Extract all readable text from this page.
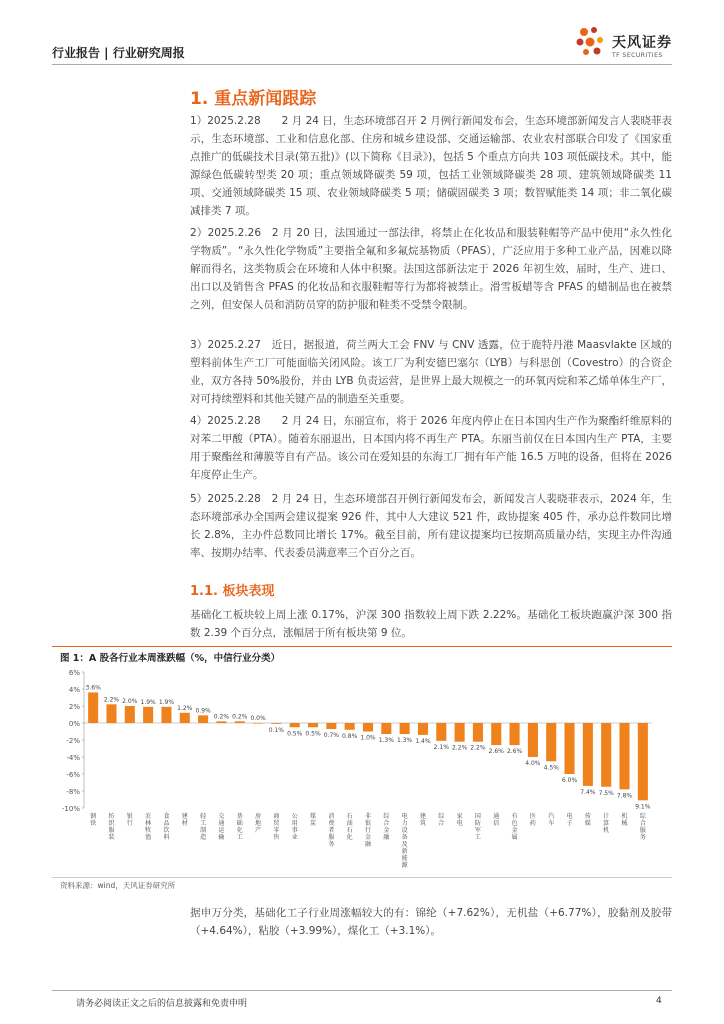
行业报告 | 行业研究周报
天风证券
TF SECURITIES
1. 重点新闻跟踪
1）2025.2.28　　2 月 24 日，生态环境部召开 2 月例行新闻发布会，生态环境部新闻发言人裴晓菲表示，生态环境部、工业和信息化部、住房和城乡建设部、交通运输部、农业农村部联合印发了《国家重点推广的低碳技术目录(第五批)》(以下简称《目录》)，包括 5 个重点方向共 103 项低碳技术。其中，能源绿色低碳转型类 20 项；重点领域降碳类 59 项，包括工业领域降碳类 28 项、建筑领域降碳类 11 项、交通领域降碳类 15 项、农业领域降碳类 5 项；储碳固碳类 3 项；数智赋能类 14 项；非二氧化碳减排类 7 项。
2）2025.2.26　2 月 20 日，法国通过一部法律，将禁止在化妆品和服装鞋帽等产品中使用“永久性化学物质”。“永久性化学物质”主要指全氟和多氟烷基物质（PFAS），广泛应用于多种工业产品，因难以降解而得名，这类物质会在环境和人体中积聚。法国这部新法定于 2026 年初生效，届时，生产、进口、出口以及销售含 PFAS 的化妆品和衣服鞋帽等行为都将被禁止。滑雪板蜡等含 PFAS 的蜡制品也在被禁之列，但安保人员和消防员穿的防护服和鞋类不受禁令限制。
3）2025.2.27　近日，据报道，荷兰两大工会 FNV 与 CNV 透露，位于鹿特丹港 Maasvlakte 区域的塑料前体生产工厂可能面临关闭风险。该工厂为利安德巴塞尔（LYB）与科思创（Covestro）的合资企业，双方各持 50%股份，并由 LYB 负责运营，是世界上最大规模之一的环氧丙烷和苯乙烯单体生产厂，对可持续塑料和其他关键产品的制造至关重要。
4）2025.2.28　　2 月 24 日，东丽宣布，将于 2026 年度内停止在日本国内生产作为聚酯纤维原料的对苯二甲酸（PTA）。随着东丽退出，日本国内将不再生产 PTA。东丽当前仅在日本国内生产 PTA，主要用于聚酯丝和薄膜等自有产品。该公司在爱知县的东海工厂拥有年产能 16.5 万吨的设备，但将在 2026 年度停止生产。
5）2025.2.28　2 月 24 日，生态环境部召开例行新闻发布会，新闻发言人裴晓菲表示，2024 年，生态环境部承办全国两会建议提案 926 件，其中人大建议 521 件，政协提案 405 件，承办总件数同比增长 2.8%，主办件总数同比增长 17%。截至目前，所有建议提案均已按期高质量办结，实现主办件沟通率、按期办结率、代表委员满意率三个百分之百。
1.1. 板块表现
基础化工板块较上周上涨 0.17%，沪深 300 指数较上周下跌 2.22%。基础化工板块跑赢沪深 300 指数 2.39 个百分点，涨幅居于所有板块第 9 位。
图 1：A 股各行业本周涨跌幅（%，中信行业分类）
6%
4%
2%
0%
-2%
-4%
-6%
-8%
-10%
3.6%
钢
铁
2.2%
纺
织
服
装
2.0%
银
行
1.9%
农
林
牧
渔
1.9%
食
品
饮
料
1.2%
建
材
0.9%
轻
工
制
造
0.2%
交
通
运
输
0.2%
基
础
化
工
0.0%
房
地
产
0.1%
商
贸
零
售
0.5%
公
用
事
业
0.5%
煤
炭
0.7%
消
费
者
服
务
0.8%
石
油
石
化
1.0%
非
银
行
金
融
1.3%
综
合
金
融
1.3%
电
力
设
备
及
新
能
源
1.4%
建
筑
2.1%
综
合
2.2%
家
电
2.2%
国
防
军
工
2.6%
通
信
2.6%
有
色
金
属
4.0%
医
药
4.5%
汽
车
6.0%
电
子
7.4%
传
媒
7.5%
计
算
机
7.8%
机
械
9.1%
综
合
服
务
资料来源：wind，天风证券研究所
据申万分类，基础化工子行业周涨幅较大的有：锦纶（+7.62%），无机盐（+6.77%），胶黏剂及胶带（+4.64%），粘胶（+3.99%），煤化工（+3.1%）。
请务必阅读正文之后的信息披露和免责申明	4
